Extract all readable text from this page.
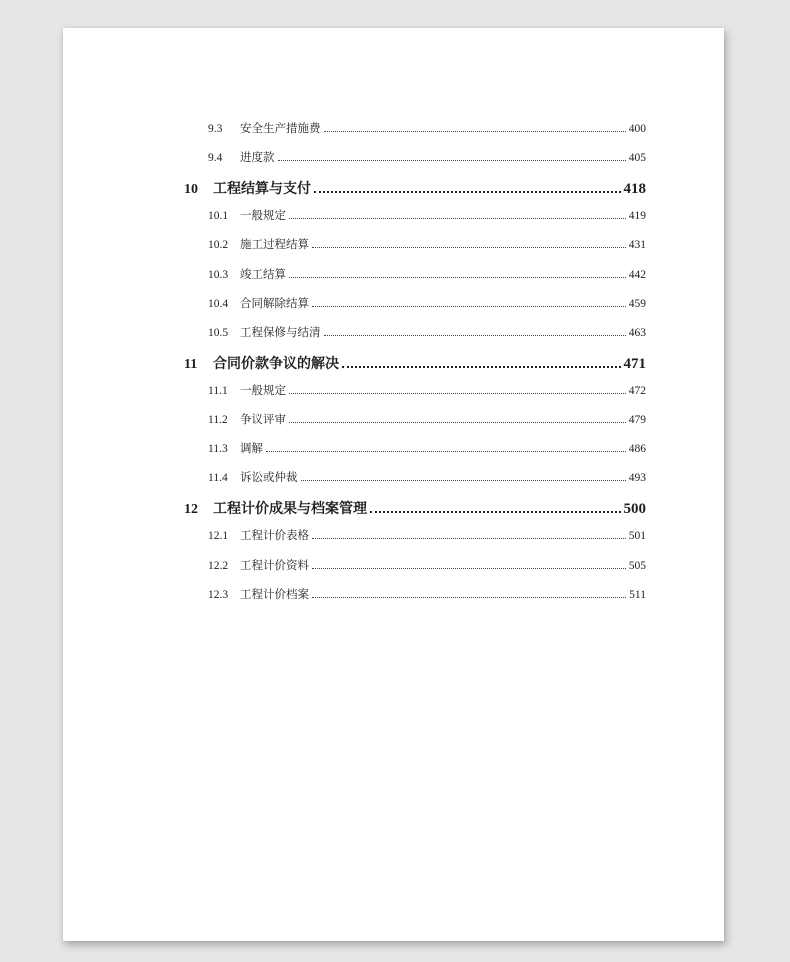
9.3	安全生产措施费	400
9.4	进度款	405
10	工程结算与支付	418
10.1	一般规定	419
10.2	施工过程结算	431
10.3	竣工结算	442
10.4	合同解除结算	459
10.5	工程保修与结清	463
11	合同价款争议的解决	471
11.1	一般规定	472
11.2	争议评审	479
11.3	调解	486
11.4	诉讼或仲裁	493
12	工程计价成果与档案管理	500
12.1	工程计价表格	501
12.2	工程计价资料	505
12.3	工程计价档案	511
